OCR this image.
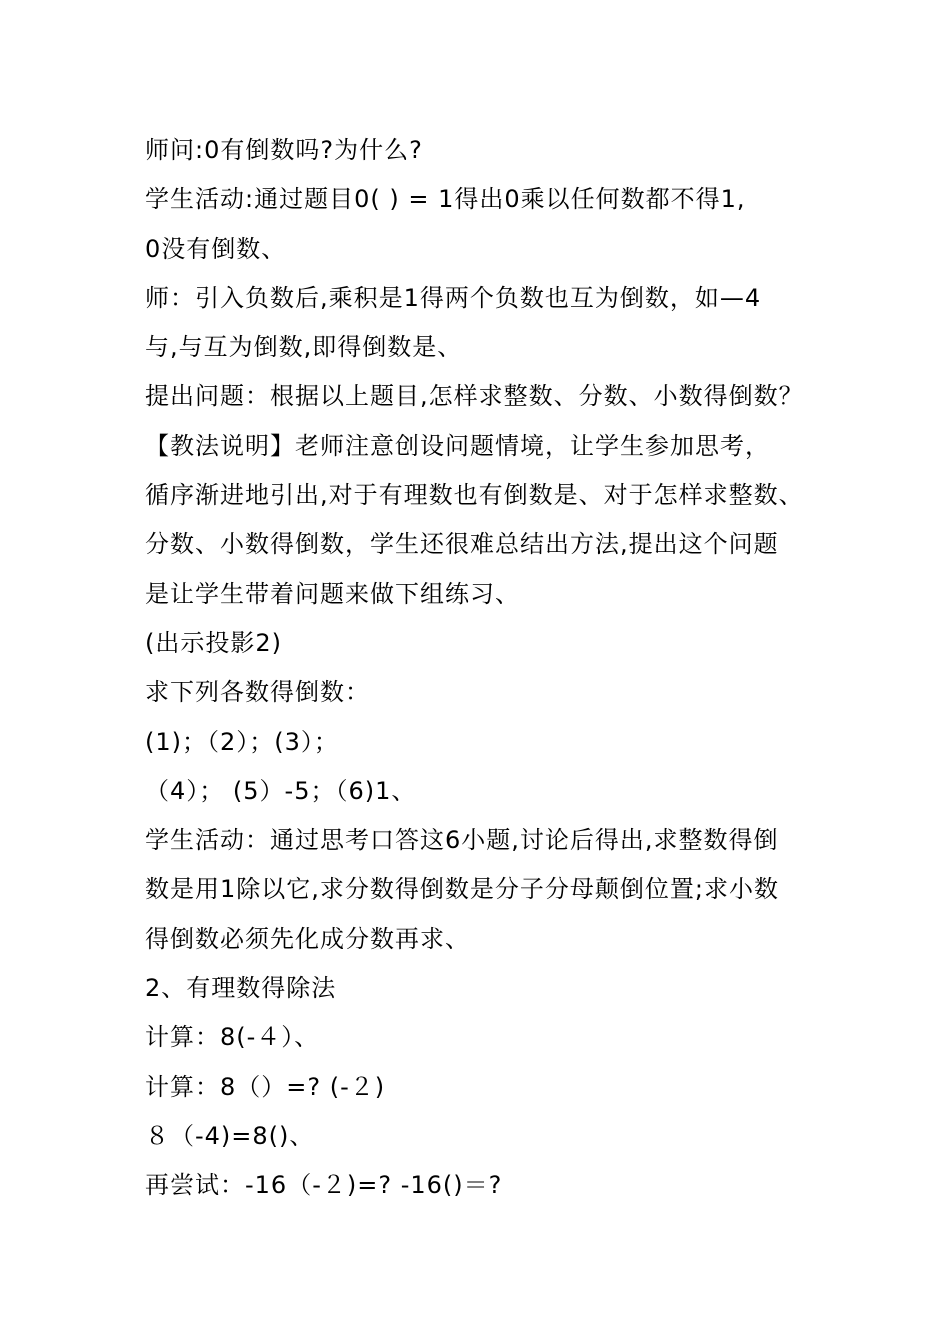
师问:0有倒数吗?为什么?
学生活动:通过题目0( ) = 1得出0乘以任何数都不得1,
0没有倒数、
师：引入负数后,乘积是1得两个负数也互为倒数，如—4
与,与互为倒数,即得倒数是、
提出问题：根据以上题目,怎样求整数、分数、小数得倒数？
【教法说明】老师注意创设问题情境，让学生参加思考，
循序渐进地引出,对于有理数也有倒数是、对于怎样求整数、
分数、小数得倒数，学生还很难总结出方法,提出这个问题
是让学生带着问题来做下组练习、
(出示投影2)
求下列各数得倒数：
(1)；（2）；(3）；
（4）； (5）-5；（6)1、
学生活动：通过思考口答这6小题,讨论后得出,求整数得倒
数是用1除以它,求分数得倒数是分子分母颠倒位置;求小数
得倒数必须先化成分数再求、
2、有理数得除法
计算：8(-４）、
计算：8（）=? (-２)
８（-4)=8()、
再尝试：-16（-２)=? -16()＝?
